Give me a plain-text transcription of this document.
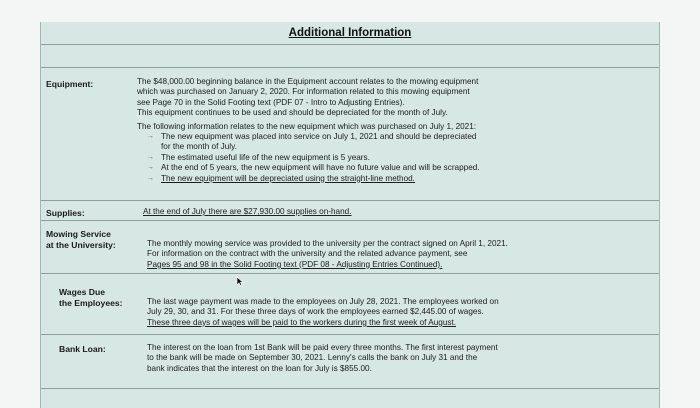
Additional Information
Equipment:	The $48,000.00 beginning balance in the Equipment account relates to the mowing equipment
which was purchased on January 2, 2020. For information related to this mowing equipment
see Page 70 in the Solid Footing text (PDF 07 - Intro to Adjusting Entries).
This equipment continues to be used and should be depreciated for the month of July.
The following information relates to the new equipment which was purchased on July 1, 2021:
→ The new equipment was placed into service on July 1, 2021 and should be depreciated
for the month of July.
→ The estimated useful life of the new equipment is 5 years.
→ At the end of 5 years, the new equipment will have no future value and will be scrapped.
→ The new equipment will be depreciated using the straight-line method.
Supplies:	At the end of July there are $27,930.00 supplies on-hand.
Mowing Service
at the University:	The monthly mowing service was provided to the university per the contract signed on April 1, 2021.
For information on the contract with the university and the related advance payment, see
Pages 95 and 98 in the Solid Footing text (PDF 08 - Adjusting Entries Continued).
Wages Due
the Employees:	The last wage payment was made to the employees on July 28, 2021. The employees worked on
July 29, 30, and 31. For these three days of work the employees earned $2,445.00 of wages.
These three days of wages will be paid to the workers during the first week of August.
Bank Loan:	The interest on the loan from 1st Bank will be paid every three months. The first interest payment
to the bank will be made on September 30, 2021. Lenny's calls the bank on July 31 and the
bank indicates that the interest on the loan for July is $855.00.
